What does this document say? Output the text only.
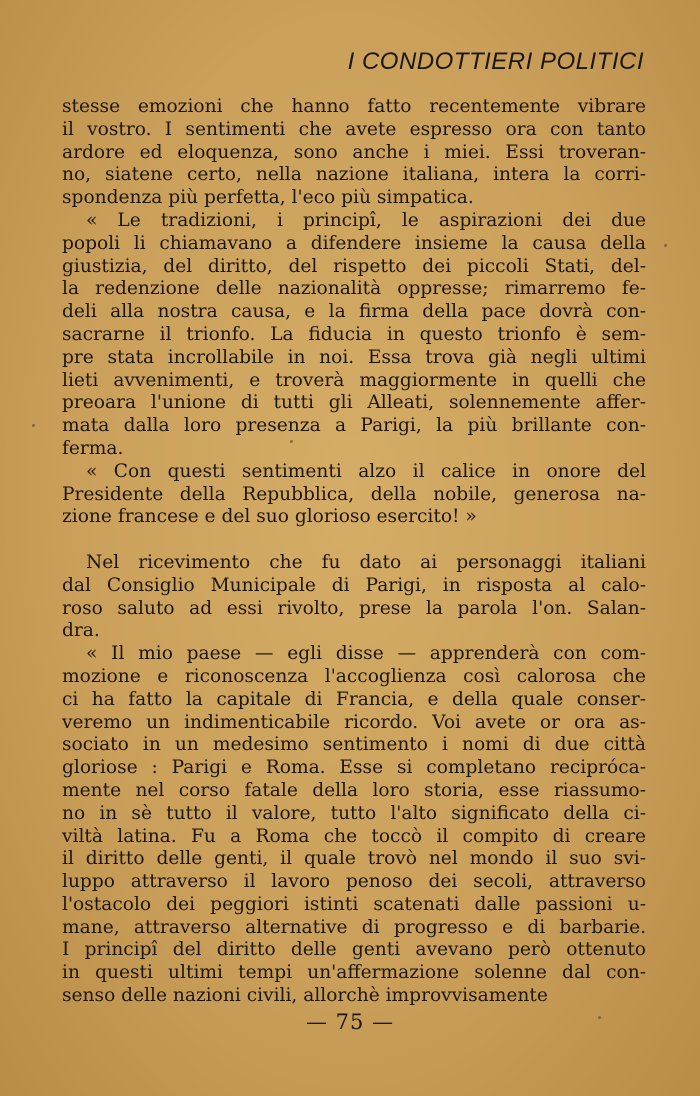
I CONDOTTIERI POLITICI
stesse emozioni che hanno fatto recentemente vibrare
il vostro. I sentimenti che avete espresso ora con tanto
ardore ed eloquenza, sono anche i miei. Essi troveran-
no, siatene certo, nella nazione italiana, intera la corri-
spondenza più perfetta, l'eco più simpatica.
« Le tradizioni, i principî, le aspirazioni dei due
popoli li chiamavano a difendere insieme la causa della
giustizia, del diritto, del rispetto dei piccoli Stati, del-
la redenzione delle nazionalità oppresse; rimarremo fe-
deli alla nostra causa, e la firma della pace dovrà con-
sacrarne il trionfo. La fiducia in questo trionfo è sem-
pre stata incrollabile in noi. Essa trova già negli ultimi
lieti avvenimenti, e troverà maggiormente in quelli che
preoara l'unione di tutti gli Alleati, solennemente affer-
mata dalla loro presenza a Parigi, la più brillante con-
ferma.
« Con questi sentimenti alzo il calice in onore del
Presidente della Repubblica, della nobile, generosa na-
zione francese e del suo glorioso esercito! »
Nel ricevimento che fu dato ai personaggi italiani
dal Consiglio Municipale di Parigi, in risposta al calo-
roso saluto ad essi rivolto, prese la parola l'on. Salan-
dra.
« Il mio paese — egli disse — apprenderà con com-
mozione e riconoscenza l'accoglienza così calorosa che
ci ha fatto la capitale di Francia, e della quale conser-
veremo un indimenticabile ricordo. Voi avete or ora as-
sociato in un medesimo sentimento i nomi di due città
gloriose : Parigi e Roma. Esse si completano recipróca-
mente nel corso fatale della loro storia, esse riassumo-
no in sè tutto il valore, tutto l'alto significato della ci-
viltà latina. Fu a Roma che toccò il compito di creare
il diritto delle genti, il quale trovò nel mondo il suo svi-
luppo attraverso il lavoro penoso dei secoli, attraverso
l'ostacolo dei peggiori istinti scatenati dalle passioni u-
mane, attraverso alternative di progresso e di barbarie.
I principî del diritto delle genti avevano però ottenuto
in questi ultimi tempi un'affermazione solenne dal con-
senso delle nazioni civili, allorchè improvvisamente
— 75 —
